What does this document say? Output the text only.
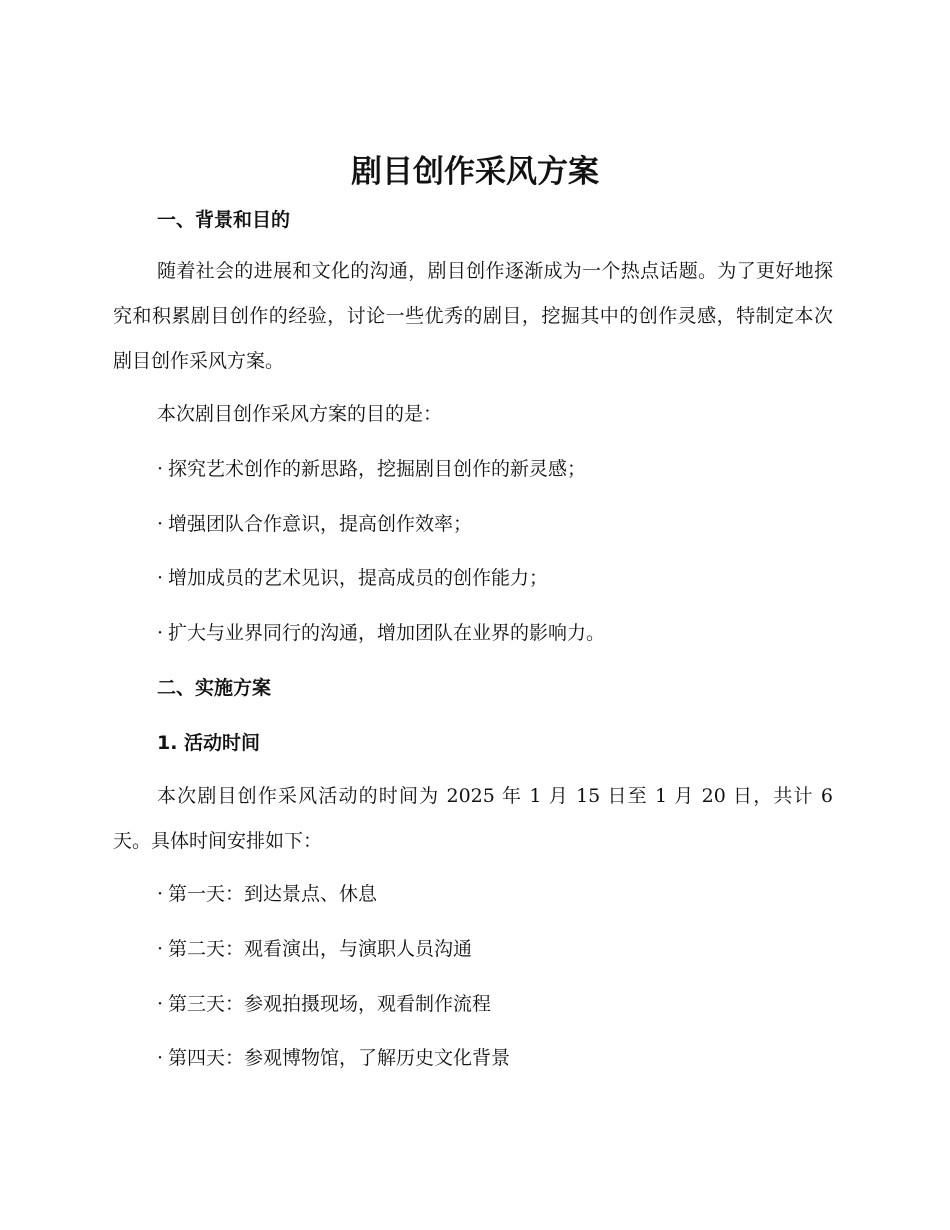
剧目创作采风方案
一、背景和目的

随着社会的进展和文化的沟通，剧目创作逐渐成为一个热点话题。为了更好地探究和积累剧目创作的经验，讨论一些优秀的剧目，挖掘其中的创作灵感，特制定本次剧目创作采风方案。

本次剧目创作采风方案的目的是：

· 探究艺术创作的新思路，挖掘剧目创作的新灵感；

· 增强团队合作意识，提高创作效率；

· 增加成员的艺术见识，提高成员的创作能力；

· 扩大与业界同行的沟通，增加团队在业界的影响力。

二、实施方案
1. 活动时间

本次剧目创作采风活动的时间为 2025 年 1 月 15 日至 1 月 20 日，共计 6 天。具体时间安排如下：

· 第一天：到达景点、休息

· 第二天：观看演出，与演职人员沟通

· 第三天：参观拍摄现场，观看制作流程

· 第四天：参观博物馆，了解历史文化背景
